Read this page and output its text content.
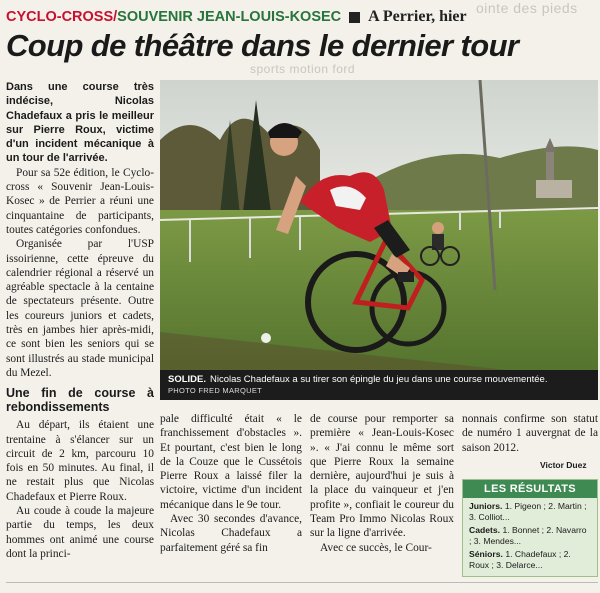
ointe des pieds
sports motion ford
CYCLO-CROSS/ SOUVENIR JEAN-LOUIS-KOSEC A Perrier, hier
Coup de théâtre dans le dernier tour

Dans une course très indécise, Nicolas Chadefaux a pris le meilleur sur Pierre Roux, victime d'un incident mécanique à un tour de l'arrivée.

Pour sa 52e édition, le Cyclo-cross « Souvenir Jean-Louis-Kosec » de Perrier a réuni une cinquantaine de participants, toutes catégories confondues.

Organisée par l'USP issoirienne, cette épreuve du calendrier régional a réservé un agréable spectacle à la centaine de spectateurs présente. Outre les coureurs juniors et cadets, très en jambes hier après-midi, ce sont bien les seniors qui se sont illustrés au stade municipal du Mezel.

Une fin de course à rebondissements

Au départ, ils étaient une trentaine à s'élancer sur un circuit de 2 km, parcouru 10 fois en 50 minutes. Au final, il ne restait plus que Nicolas Chadefaux et Pierre Roux.

Au coude à coude la majeure partie du temps, les deux hommes ont animé une course dont la princi-

SOLIDE. Nicolas Chadefaux a su tirer son épingle du jeu dans une course mouvementée.
PHOTO FRED MARQUET

pale difficulté était « le franchissement d'obstacles ». Et pourtant, c'est bien le long de la Couze que le Cussétois Pierre Roux a laissé filer la victoire, victime d'un incident mécanique dans le 9e tour.

Avec 30 secondes d'avance, Nicolas Chadefaux a parfaitement géré sa fin

de course pour remporter sa première « Jean-Louis-Kosec ». « J'ai connu le même sort que Pierre Roux la semaine dernière, aujourd'hui je suis à la place du vainqueur et j'en profite », confiait le coureur du Team Pro Immo Nicolas Roux sur la ligne d'arrivée.

Avec ce succès, le Cour-

nonnais confirme son statut de numéro 1 auvergnat de la saison 2012.

Victor Duez
LES RÉSULTATS
Juniors. 1. Pigeon ; 2. Martin ; 3. Colliot...
Cadets. 1. Bonnet ; 2. Navarro ; 3. Mendes...
Séniors. 1. Chadefaux ; 2. Roux ; 3. Delarce...
